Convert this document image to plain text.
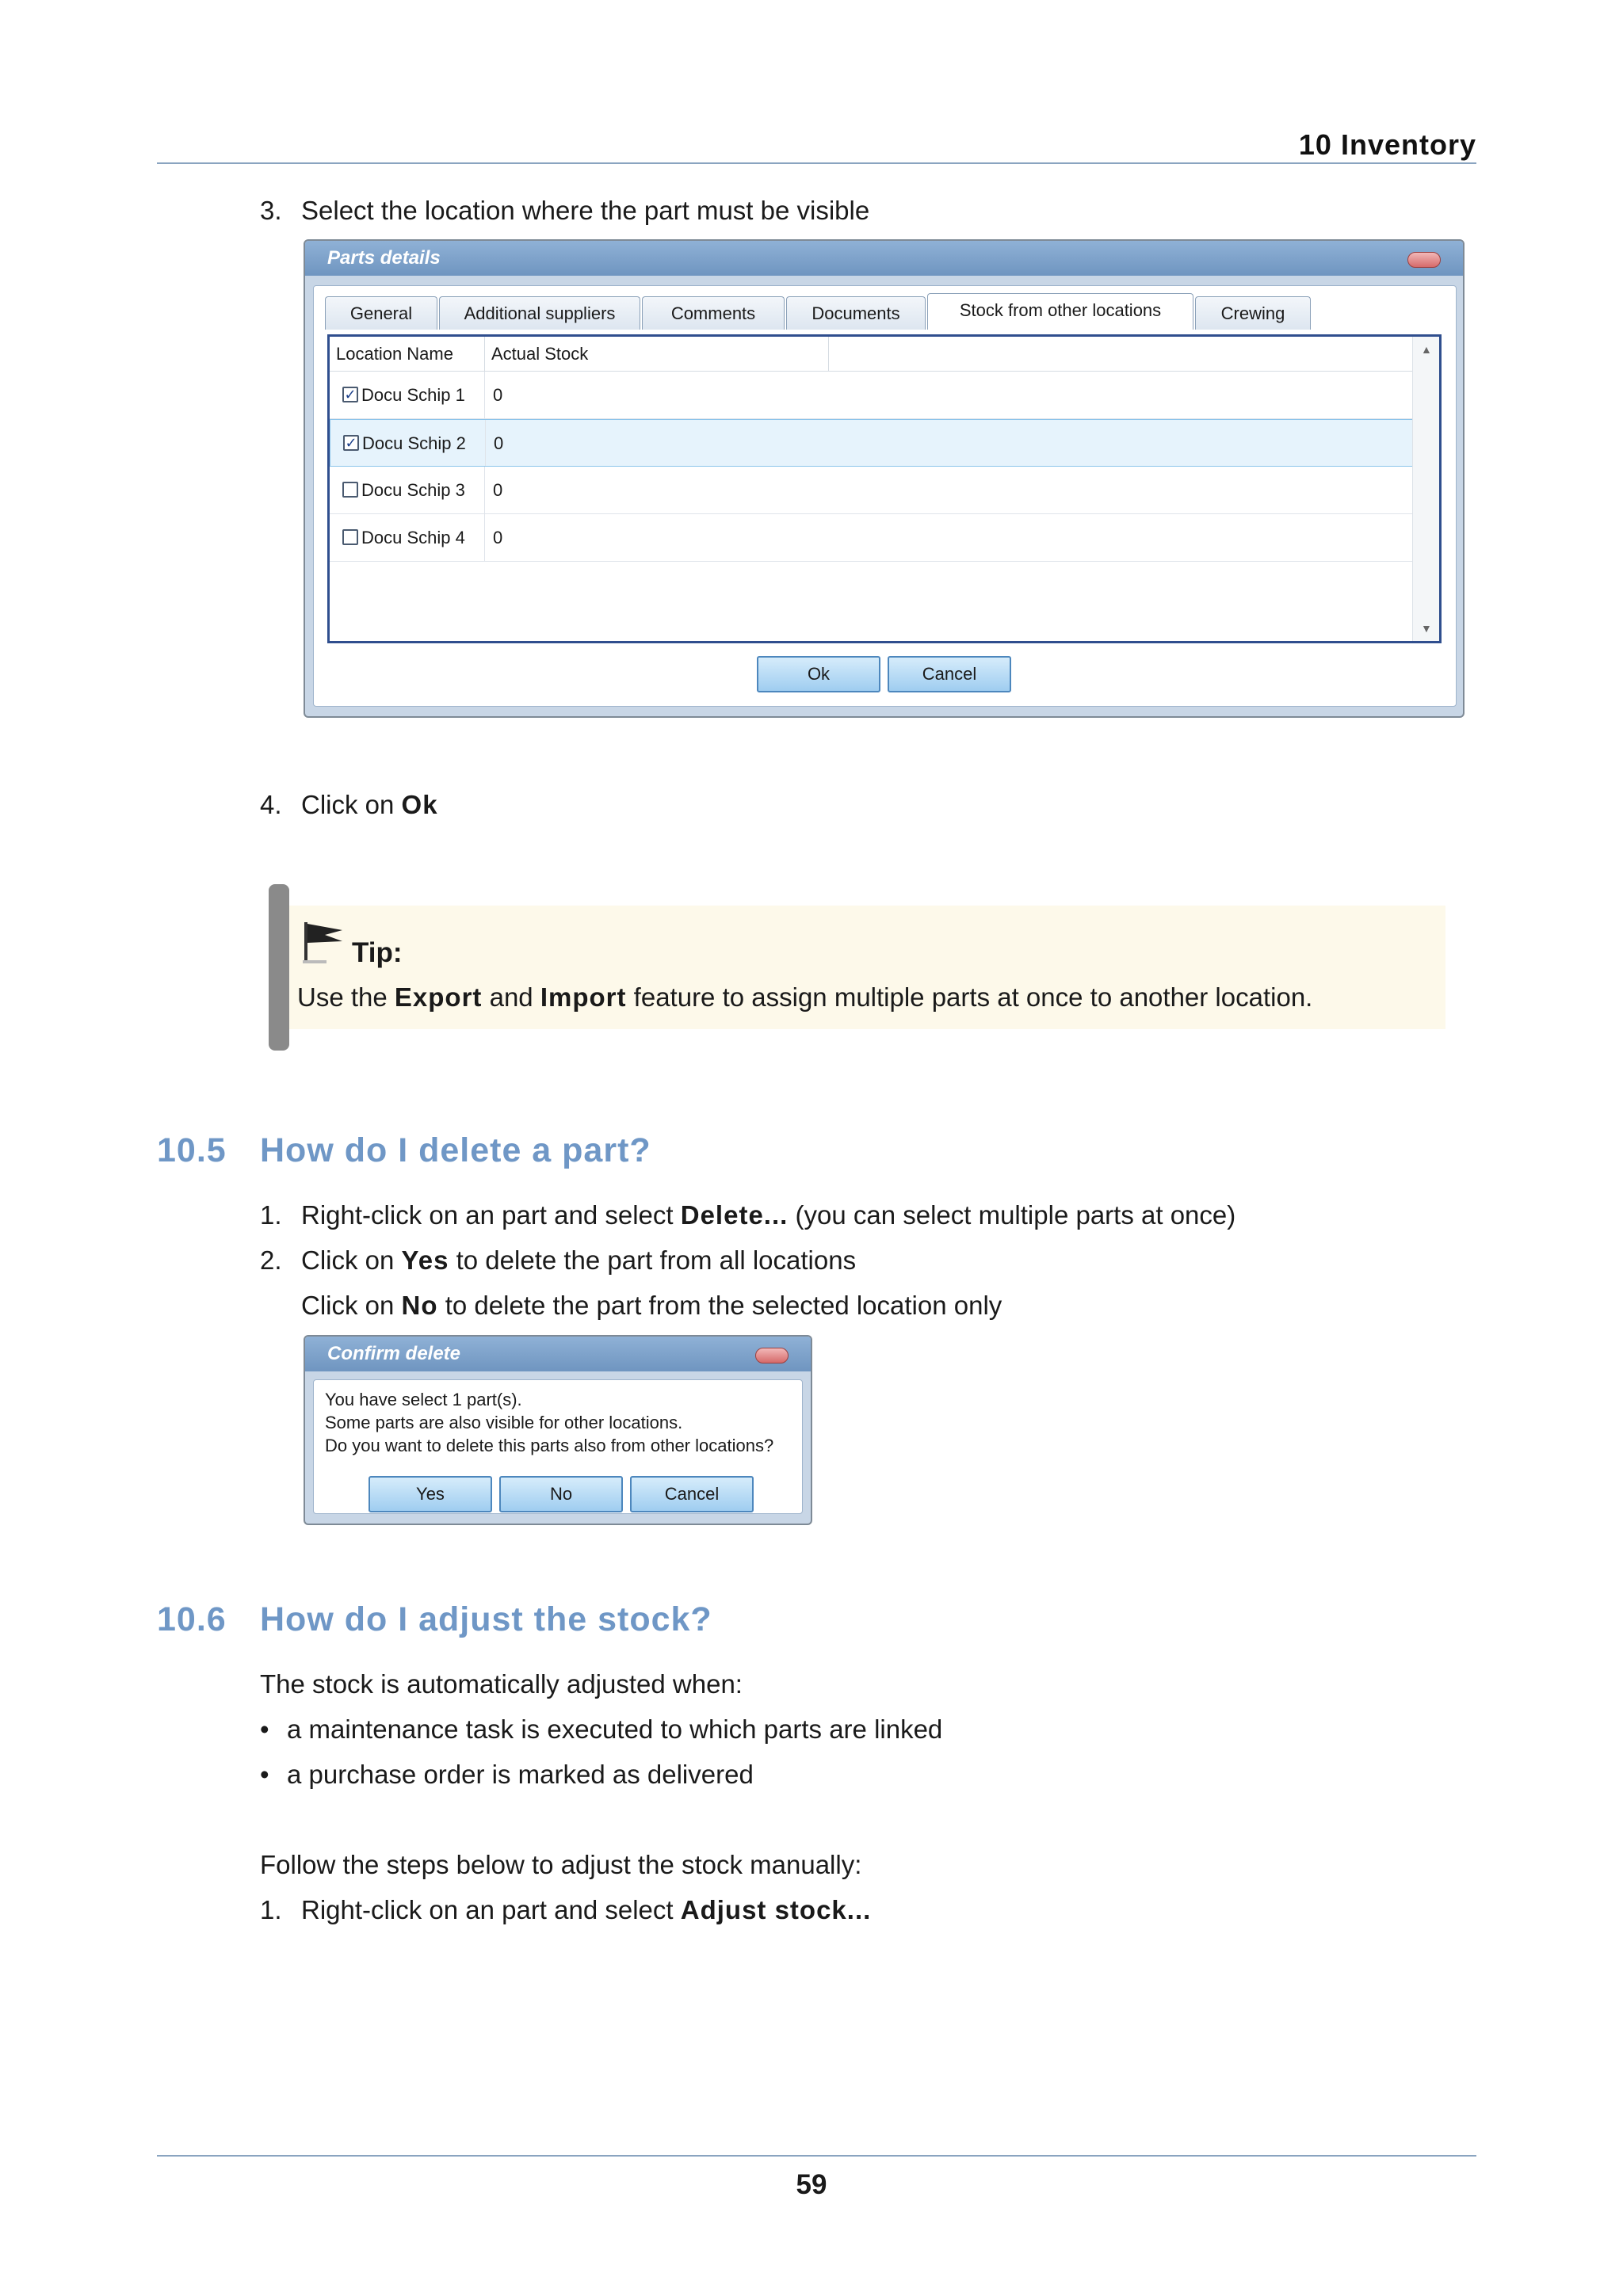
10 Inventory
3. Select the location where the part must be visible
Parts details
General	Additional suppliers	Comments	Documents	Stock from other locations	Crewing
Location Name	Actual Stock
✓ Docu Schip 1	0
✓ Docu Schip 2	0
Docu Schip 3	0
Docu Schip 4	0
▲
▼
Ok	Cancel
4. Click on Ok
Tip:
Use the Export and Import feature to assign multiple parts at once to another location.
10.5 How do I delete a part?
1. Right-click on an part and select Delete... (you can select multiple parts at once)
2. Click on Yes to delete the part from all locations
Click on No to delete the part from the selected location only
Confirm delete
You have select 1 part(s).
Some parts are also visible for other locations.
Do you want to delete this parts also from other locations?
Yes	No	Cancel
10.6 How do I adjust the stock?
The stock is automatically adjusted when:
• a maintenance task is executed to which parts are linked
• a purchase order is marked as delivered
Follow the steps below to adjust the stock manually:
1. Right-click on an part and select Adjust stock...
59
